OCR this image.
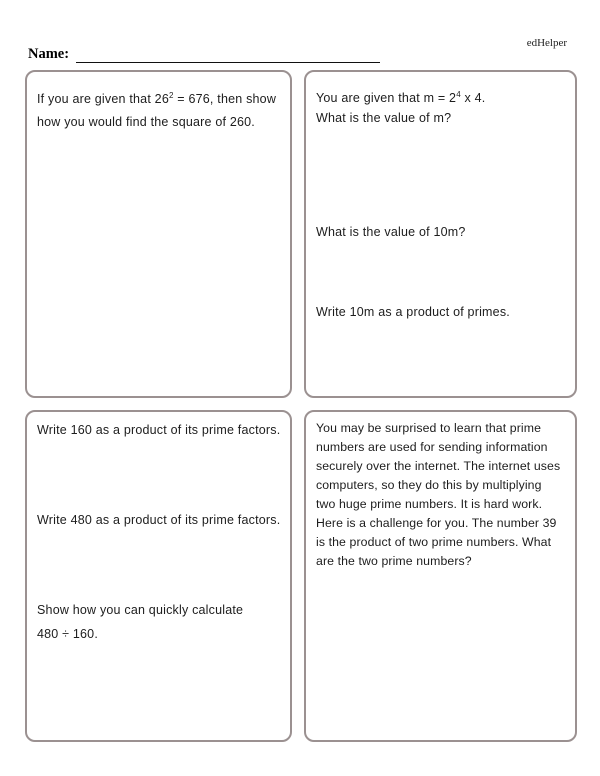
edHelper
Name:
If you are given that $26^2 = 676$, then show
how you would find the square of 260.
You are given that $m = 2^4$ x 4.
What is the value of m?
What is the value of 10m?
Write 10m as a product of primes.
Write 160 as a product of its prime factors.
Write 480 as a product of its prime factors.
Show how you can quickly calculate
480 ÷ 160.
You may be surprised to learn that prime
numbers are used for sending information
securely over the internet. The internet uses
computers, so they do this by multiplying
two huge prime numbers. It is hard work.
Here is a challenge for you. The number 39
is the product of two prime numbers. What
are the two prime numbers?
